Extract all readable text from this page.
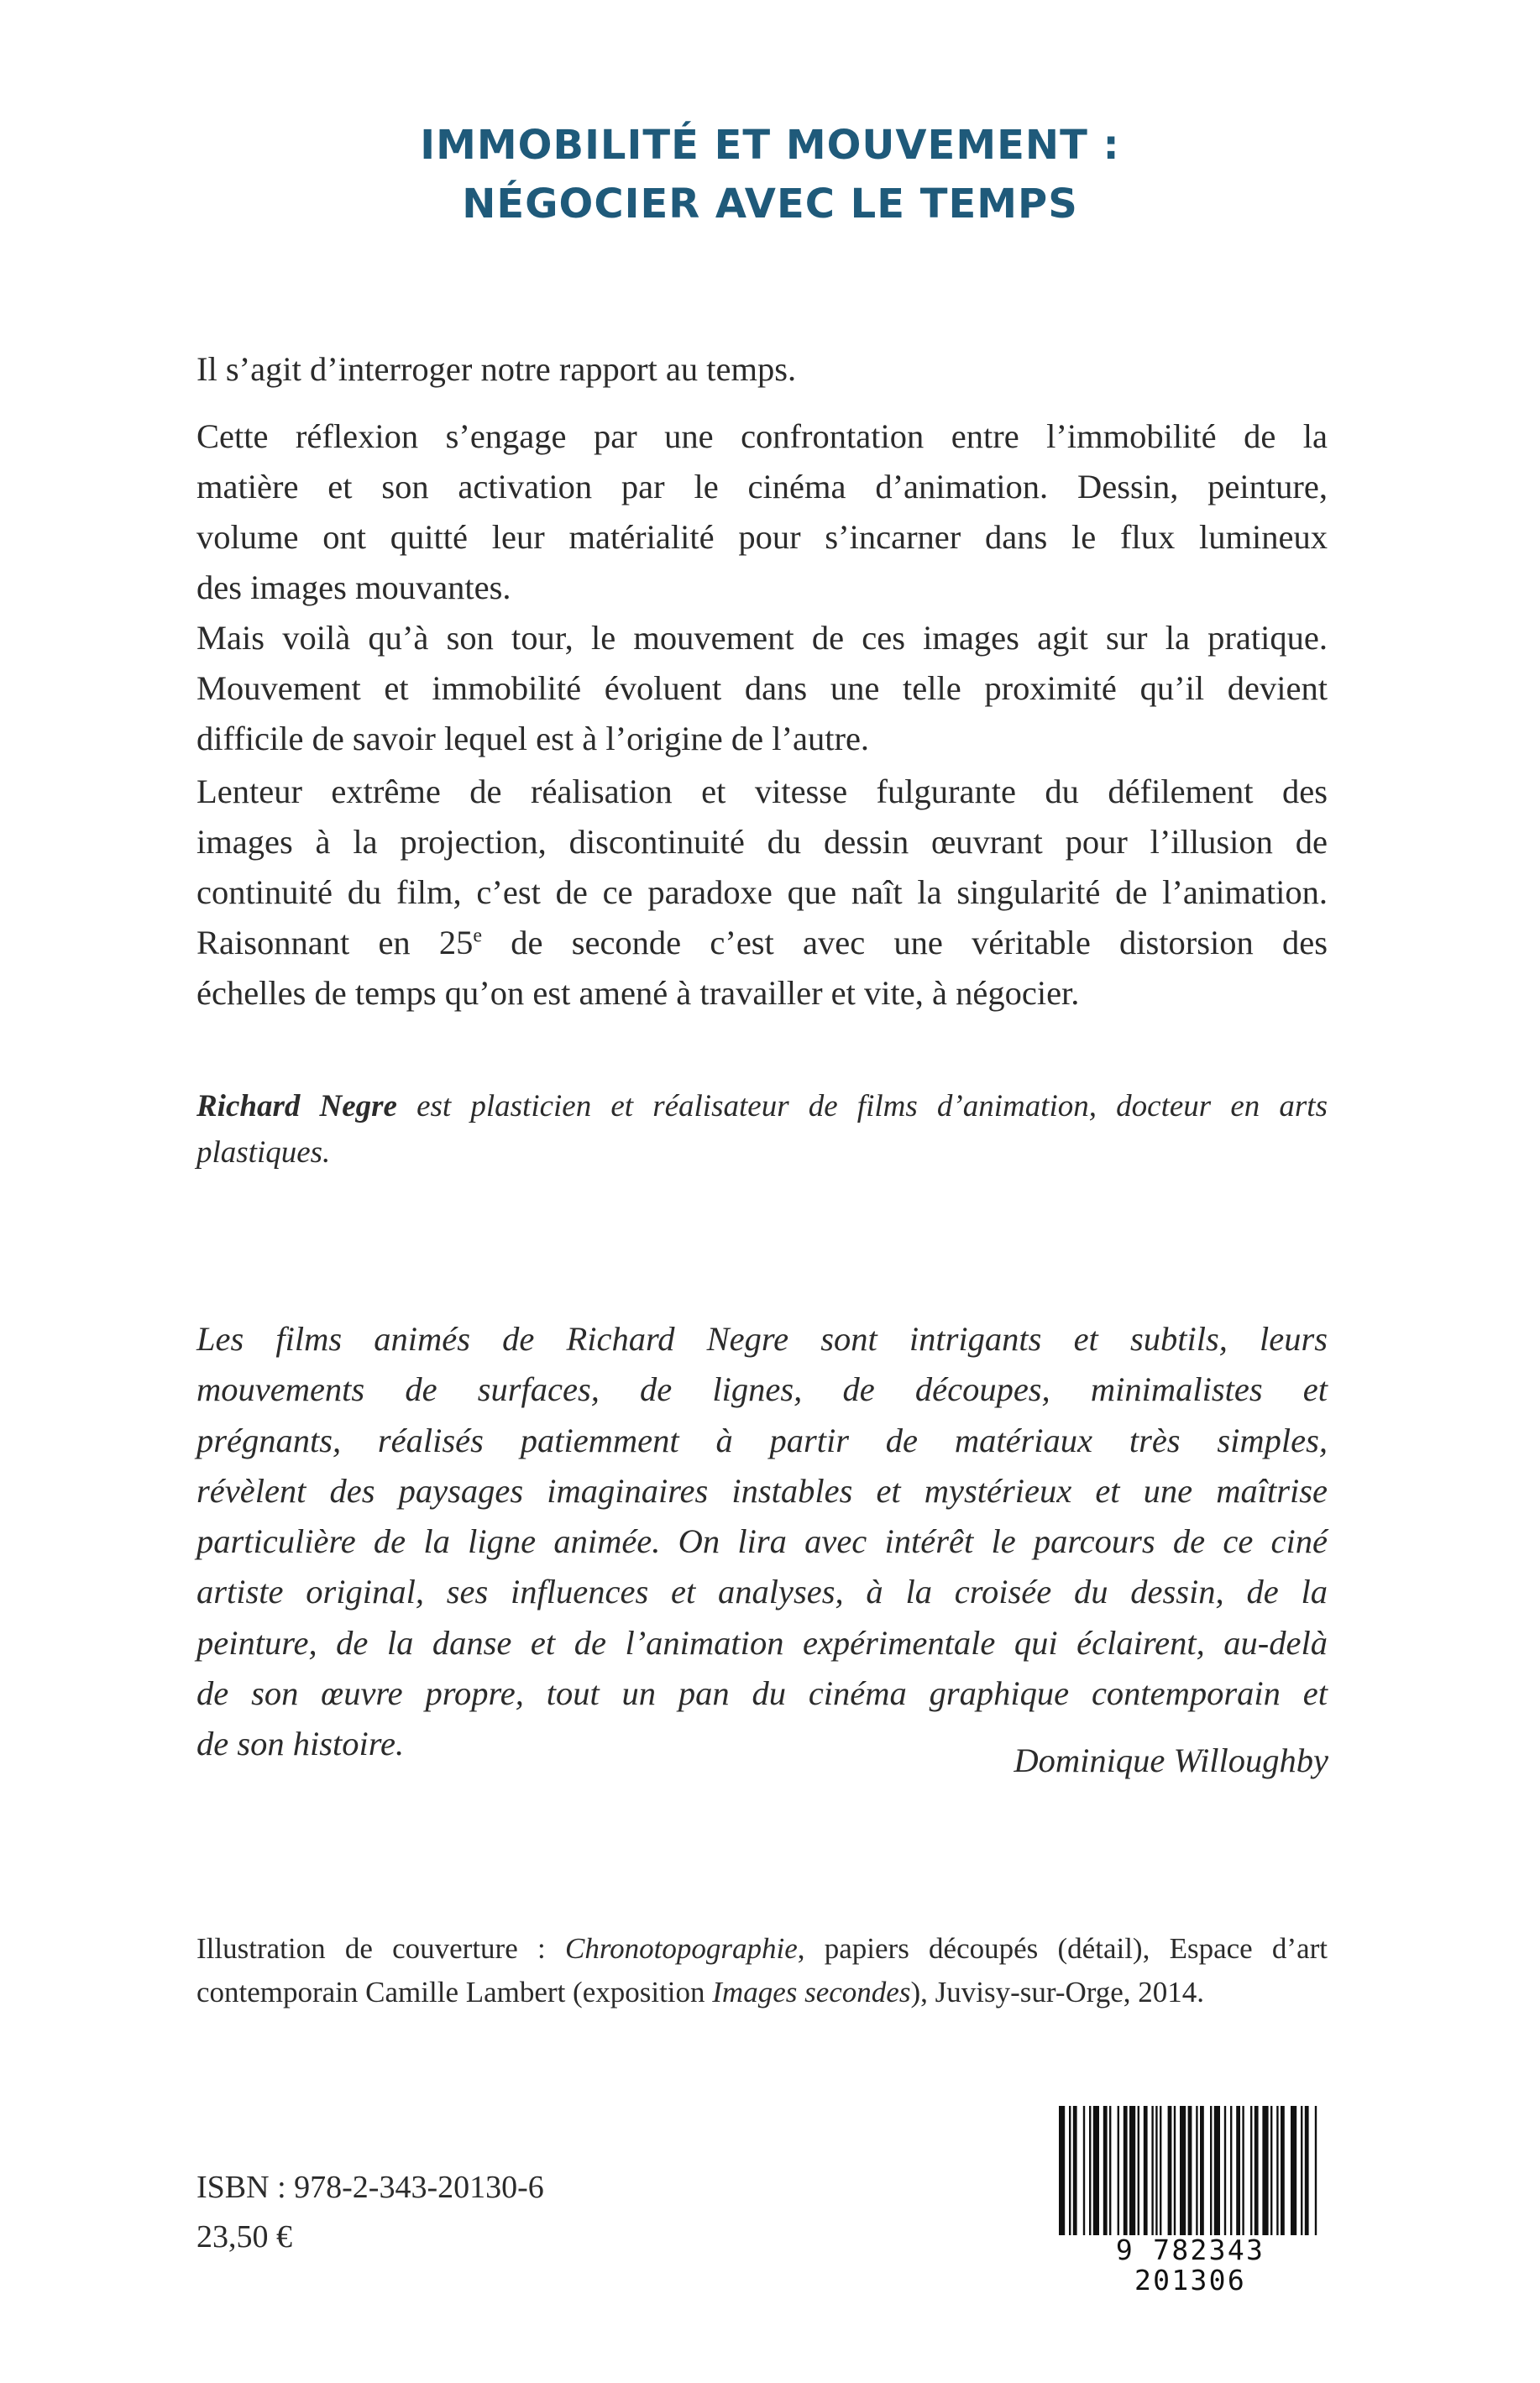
IMMOBILITÉ ET MOUVEMENT :
NÉGOCIER AVEC LE TEMPS
Il s’agit d’interroger notre rapport au temps.
Cette réflexion s’engage par une confrontation entre l’immobilité de la
matière et son activation par le cinéma d’animation. Dessin, peinture,
volume ont quitté leur matérialité pour s’incarner dans le flux lumineux
des images mouvantes.
Mais voilà qu’à son tour, le mouvement de ces images agit sur la pratique.
Mouvement et immobilité évoluent dans une telle proximité qu’il devient
difficile de savoir lequel est à l’origine de l’autre.
Lenteur extrême de réalisation et vitesse fulgurante du défilement des
images à la projection, discontinuité du dessin œuvrant pour l’illusion de
continuité du film, c’est de ce paradoxe que naît la singularité de l’animation.
Raisonnant en 25e de seconde c’est avec une véritable distorsion des
échelles de temps qu’on est amené à travailler et vite, à négocier.
Richard Negre est plasticien et réalisateur de films d’animation, docteur en arts
plastiques.
Les films animés de Richard Negre sont intrigants et subtils, leurs
mouvements de surfaces, de lignes, de découpes, minimalistes et
prégnants, réalisés patiemment à partir de matériaux très simples,
révèlent des paysages imaginaires instables et mystérieux et une maîtrise
particulière de la ligne animée. On lira avec intérêt le parcours de ce ciné
artiste original, ses influences et analyses, à la croisée du dessin, de la
peinture, de la danse et de l’animation expérimentale qui éclairent, au-delà
de son œuvre propre, tout un pan du cinéma graphique contemporain et
de son histoire.	Dominique Willoughby
Illustration de couverture : Chronotopographie, papiers découpés (détail), Espace d’art
contemporain Camille Lambert (exposition Images secondes), Juvisy-sur-Orge, 2014.
ISBN : 978-2-343-20130-6
23,50 €	9 782343 201306
